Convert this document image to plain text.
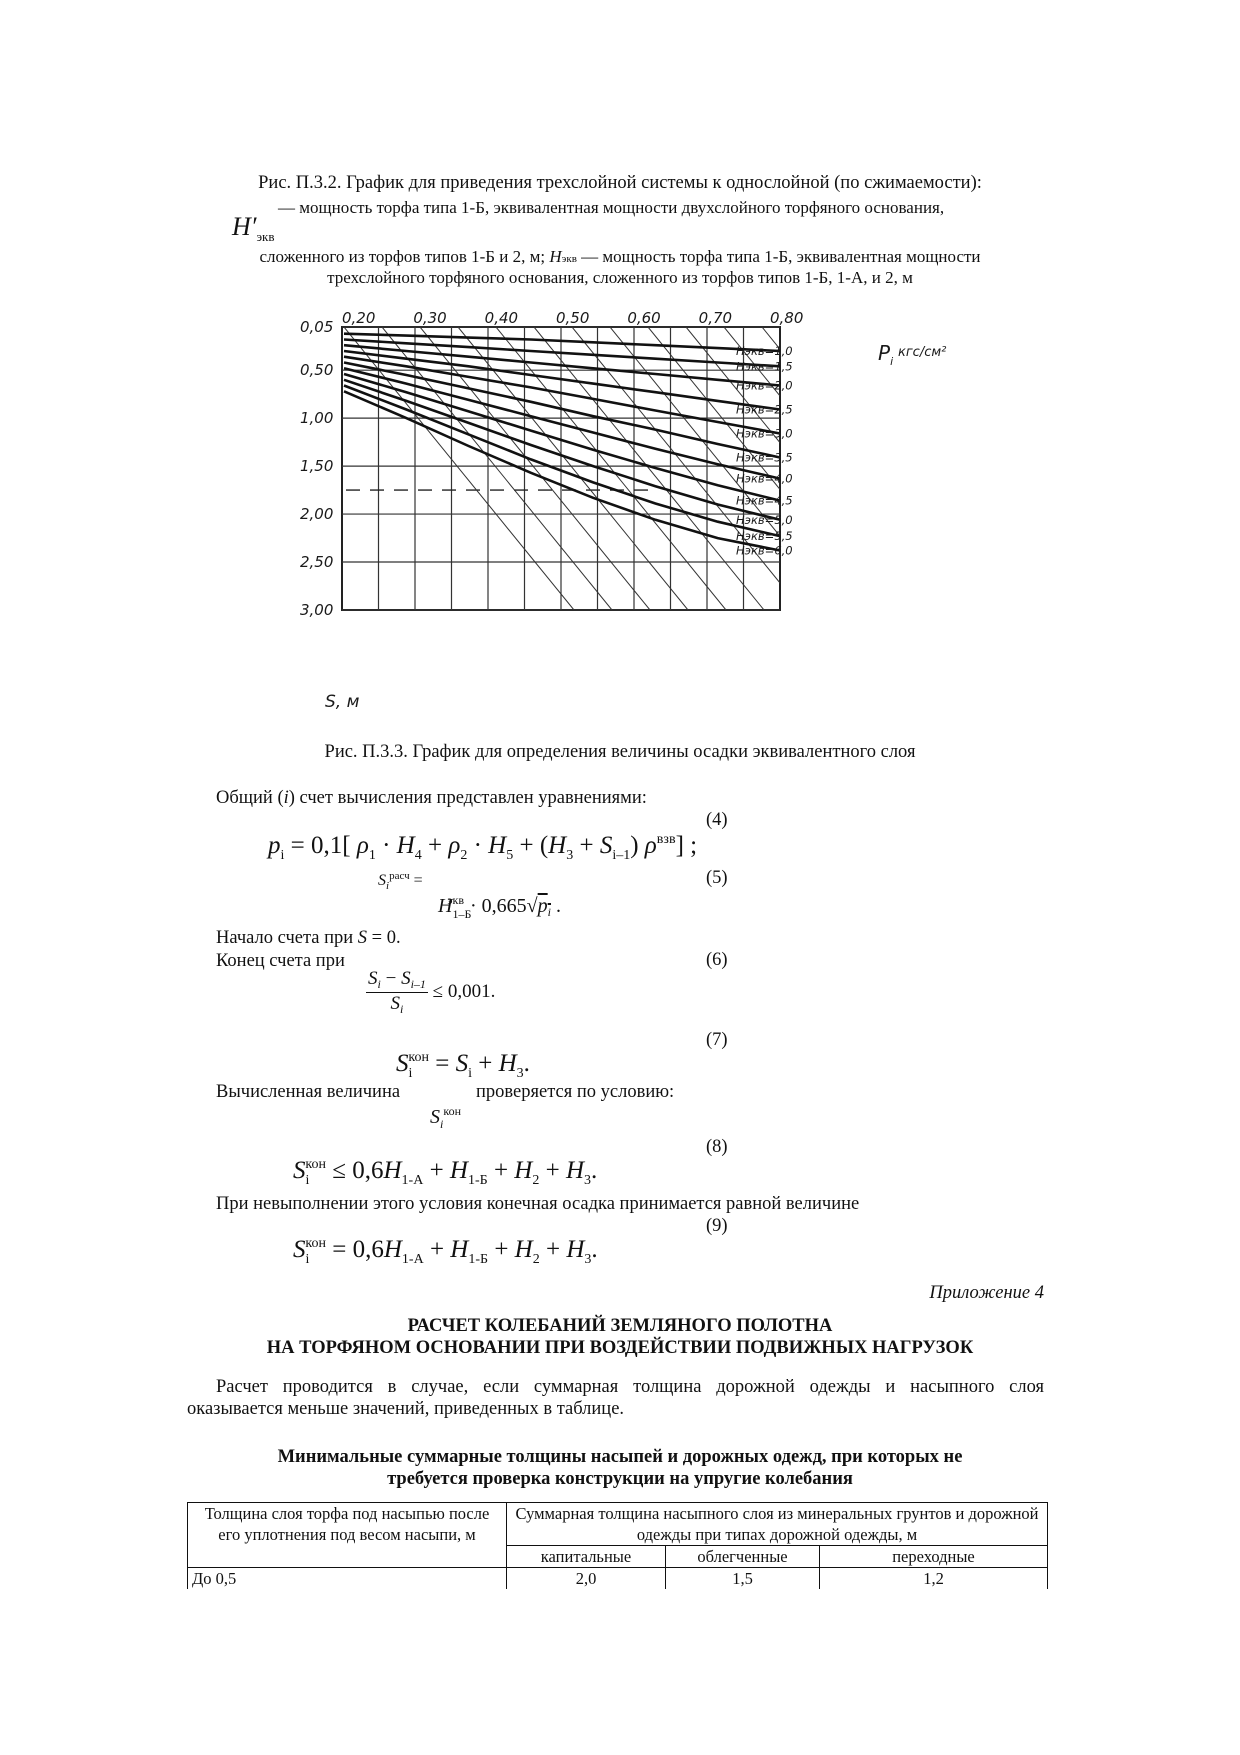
Рис. П.3.2. График для приведения трехслойной системы к однослойной (по сжимаемости):
— мощность торфа типа 1-Б, эквивалентная мощности двухслойного торфяного основания,
$H'_{экв}$
сложенного из торфов типов 1-Б и 2, м; Hэкв — мощность торфа типа 1-Б, эквивалентная мощности
трехслойного торфяного основания, сложенного из торфов типов 1-Б, 1-А, и 2, м
0,20	0,30	0,40	0,50	0,60	0,70	0,80
0,05
0,50
1,00
1,50
2,00
2,50
3,00
Нэкв=1,0
Нэкв=1,5
Нэкв=2,0
Нэкв=2,5
Нэкв=3,0
Нэкв=3,5
Нэкв=4,0
Нэкв=4,5
Нэкв=5,0
Нэкв=5,5
Нэкв=6,0
$P_i$
кгс/см²
S, м
Рис. П.3.3. График для определения величины осадки эквивалентного слоя
Общий (i) счет вычисления представлен уравнениями:
(4)
$p_i = 0,1$[ $\rho_1 \cdot H_4 + \rho_2 \cdot H_5 + (H_3 + S_{i-1})$ $\rho^{взв}$] ;
$S_i^{расч}$ =	(5)
$H_{1-Б}^{экв} \cdot 0,665√p_i$ .
Начало счета при S = 0.
Конец счета при	(6)
$\frac{S_i - S_{i-1}}{S_i} \le 0,001$.
(7)
$S_i^{кон} = S_i + H_3$.
Вычисленная величина
$S_i^{кон}$
проверяется по условию:
(8)
$S_i^{кон} \le 0,6H_{1-А} + H_{1-Б} + H_2 + H_3$.
При невыполнении этого условия конечная осадка принимается равной величине
(9)
$S_i^{кон} = 0,6H_{1-А} + H_{1-Б} + H_2 + H_3$.
Приложение 4
РАСЧЕТ КОЛЕБАНИЙ ЗЕМЛЯНОГО ПОЛОТНА
НА ТОРФЯНОМ ОСНОВАНИИ ПРИ ВОЗДЕЙСТВИИ ПОДВИЖНЫХ НАГРУЗОК
Расчет проводится в случае, если суммарная толщина дорожной одежды и насыпного слоя
оказывается меньше значений, приведенных в таблице.
Минимальные суммарные толщины насыпей и дорожных одежд, при которых не
требуется проверка конструкции на упругие колебания
Толщина слоя торфа под насыпью после его уплотнения под весом насыпи, м	Суммарная толщина насыпного слоя из минеральных грунтов и дорожной одежды при типах дорожной одежды, м		
	капитальные	облегченные	переходные
До 0,5	2,0	1,5	1,2
